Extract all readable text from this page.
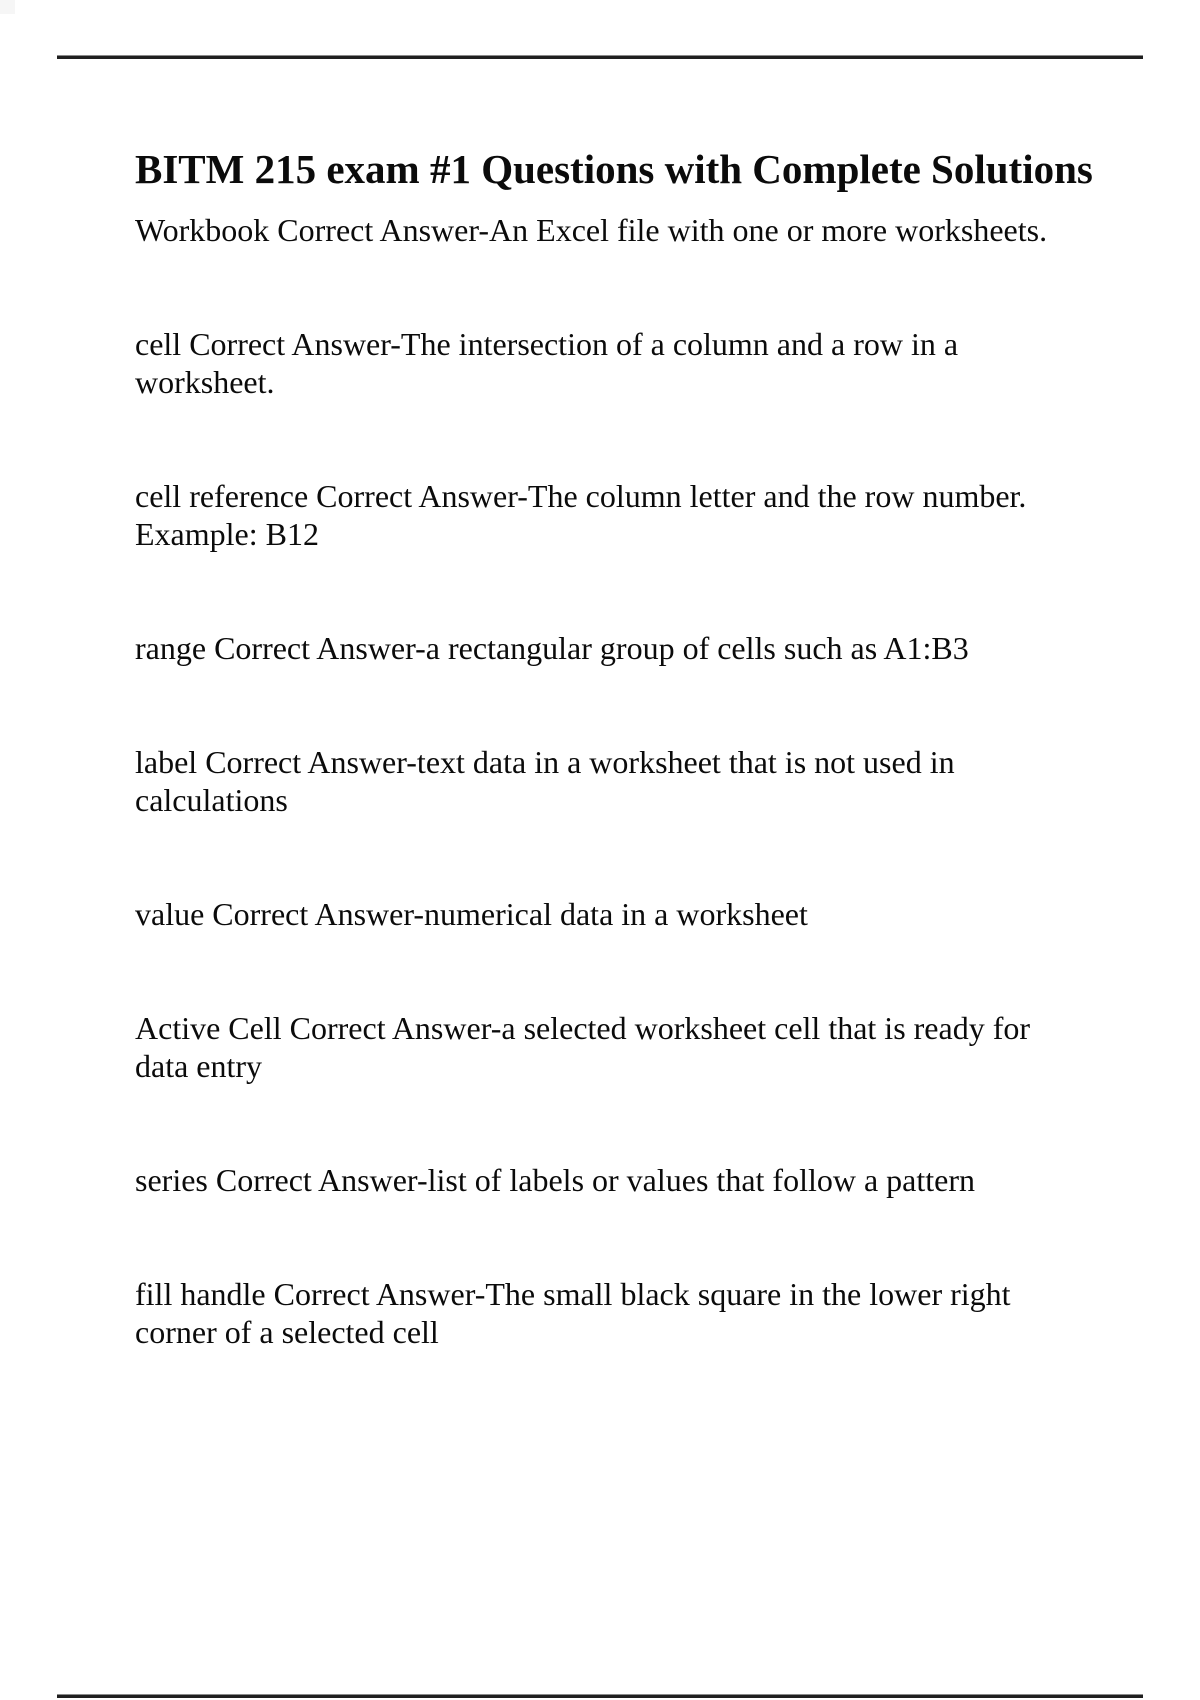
BITM 215 exam #1 Questions with Complete Solutions
Workbook Correct Answer-An Excel file with one or more worksheets.
cell Correct Answer-The intersection of a column and a row in a
worksheet.
cell reference Correct Answer-The column letter and the row number.
Example: B12
range Correct Answer-a rectangular group of cells such as A1:B3
label Correct Answer-text data in a worksheet that is not used in
calculations
value Correct Answer-numerical data in a worksheet
Active Cell Correct Answer-a selected worksheet cell that is ready for
data entry
series Correct Answer-list of labels or values that follow a pattern
fill handle Correct Answer-The small black square in the lower right
corner of a selected cell
